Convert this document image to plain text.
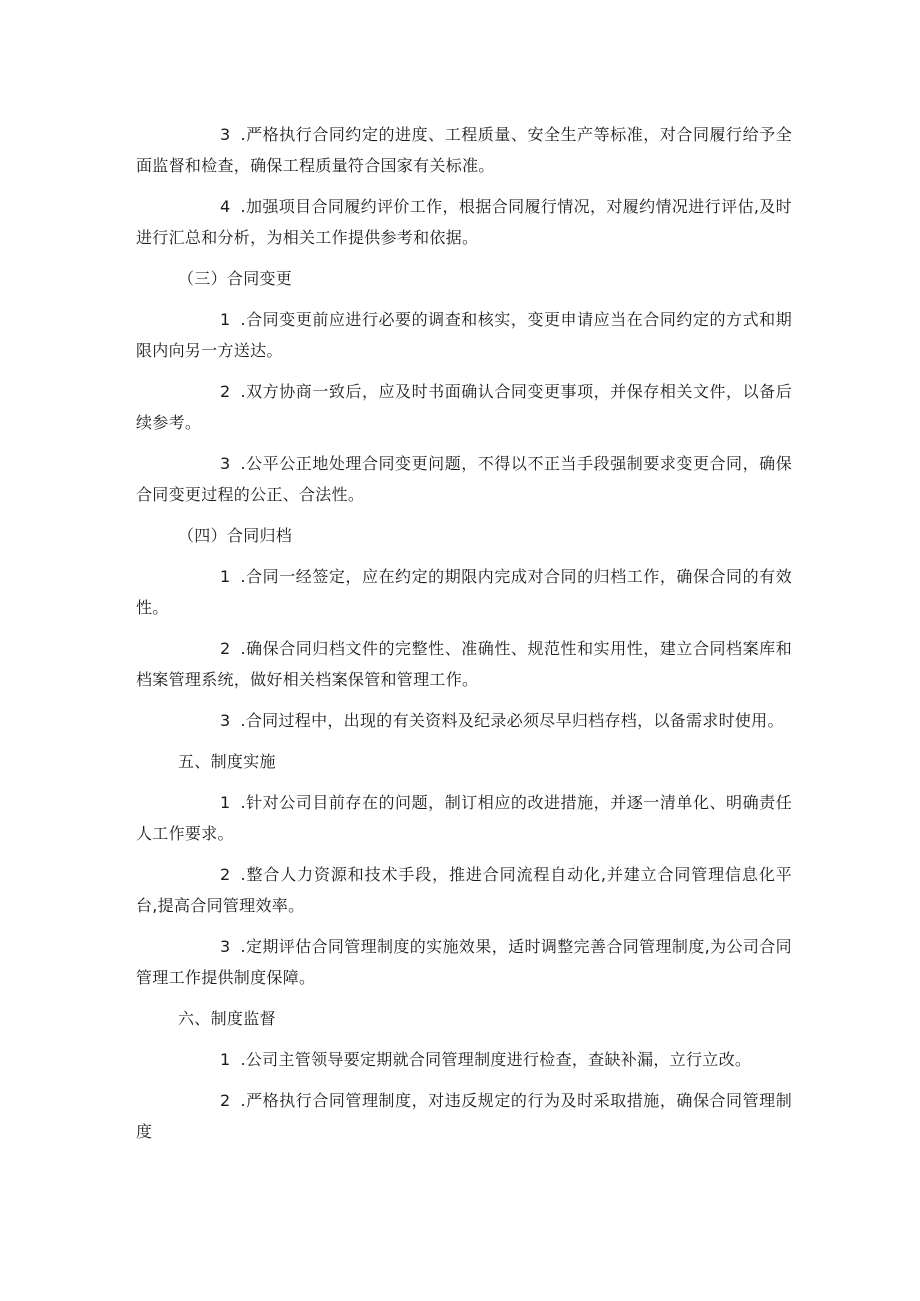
3 .严格执行合同约定的进度、工程质量、安全生产等标准，对合同履行给予全面监督和检查，确保工程质量符合国家有关标准。

4 .加强项目合同履约评价工作，根据合同履行情况，对履约情况进行评估,及时进行汇总和分析，为相关工作提供参考和依据。

（三）合同变更

1 .合同变更前应进行必要的调查和核实，变更申请应当在合同约定的方式和期限内向另一方送达。

2 .双方协商一致后，应及时书面确认合同变更事项，并保存相关文件，以备后续参考。

3 .公平公正地处理合同变更问题，不得以不正当手段强制要求变更合同，确保合同变更过程的公正、合法性。

（四）合同归档

1 .合同一经签定，应在约定的期限内完成对合同的归档工作，确保合同的有效性。

2 .确保合同归档文件的完整性、准确性、规范性和实用性，建立合同档案库和档案管理系统，做好相关档案保管和管理工作。

3 .合同过程中，出现的有关资料及纪录必须尽早归档存档，以备需求时使用。

五、制度实施

1 .针对公司目前存在的问题，制订相应的改进措施，并逐一清单化、明确责任人工作要求。

2 .整合人力资源和技术手段，推进合同流程自动化,并建立合同管理信息化平台,提高合同管理效率。

3 .定期评估合同管理制度的实施效果，适时调整完善合同管理制度,为公司合同管理工作提供制度保障。

六、制度监督

1 .公司主管领导要定期就合同管理制度进行检查，查缺补漏，立行立改。

2 .严格执行合同管理制度，对违反规定的行为及时采取措施，确保合同管理制度
